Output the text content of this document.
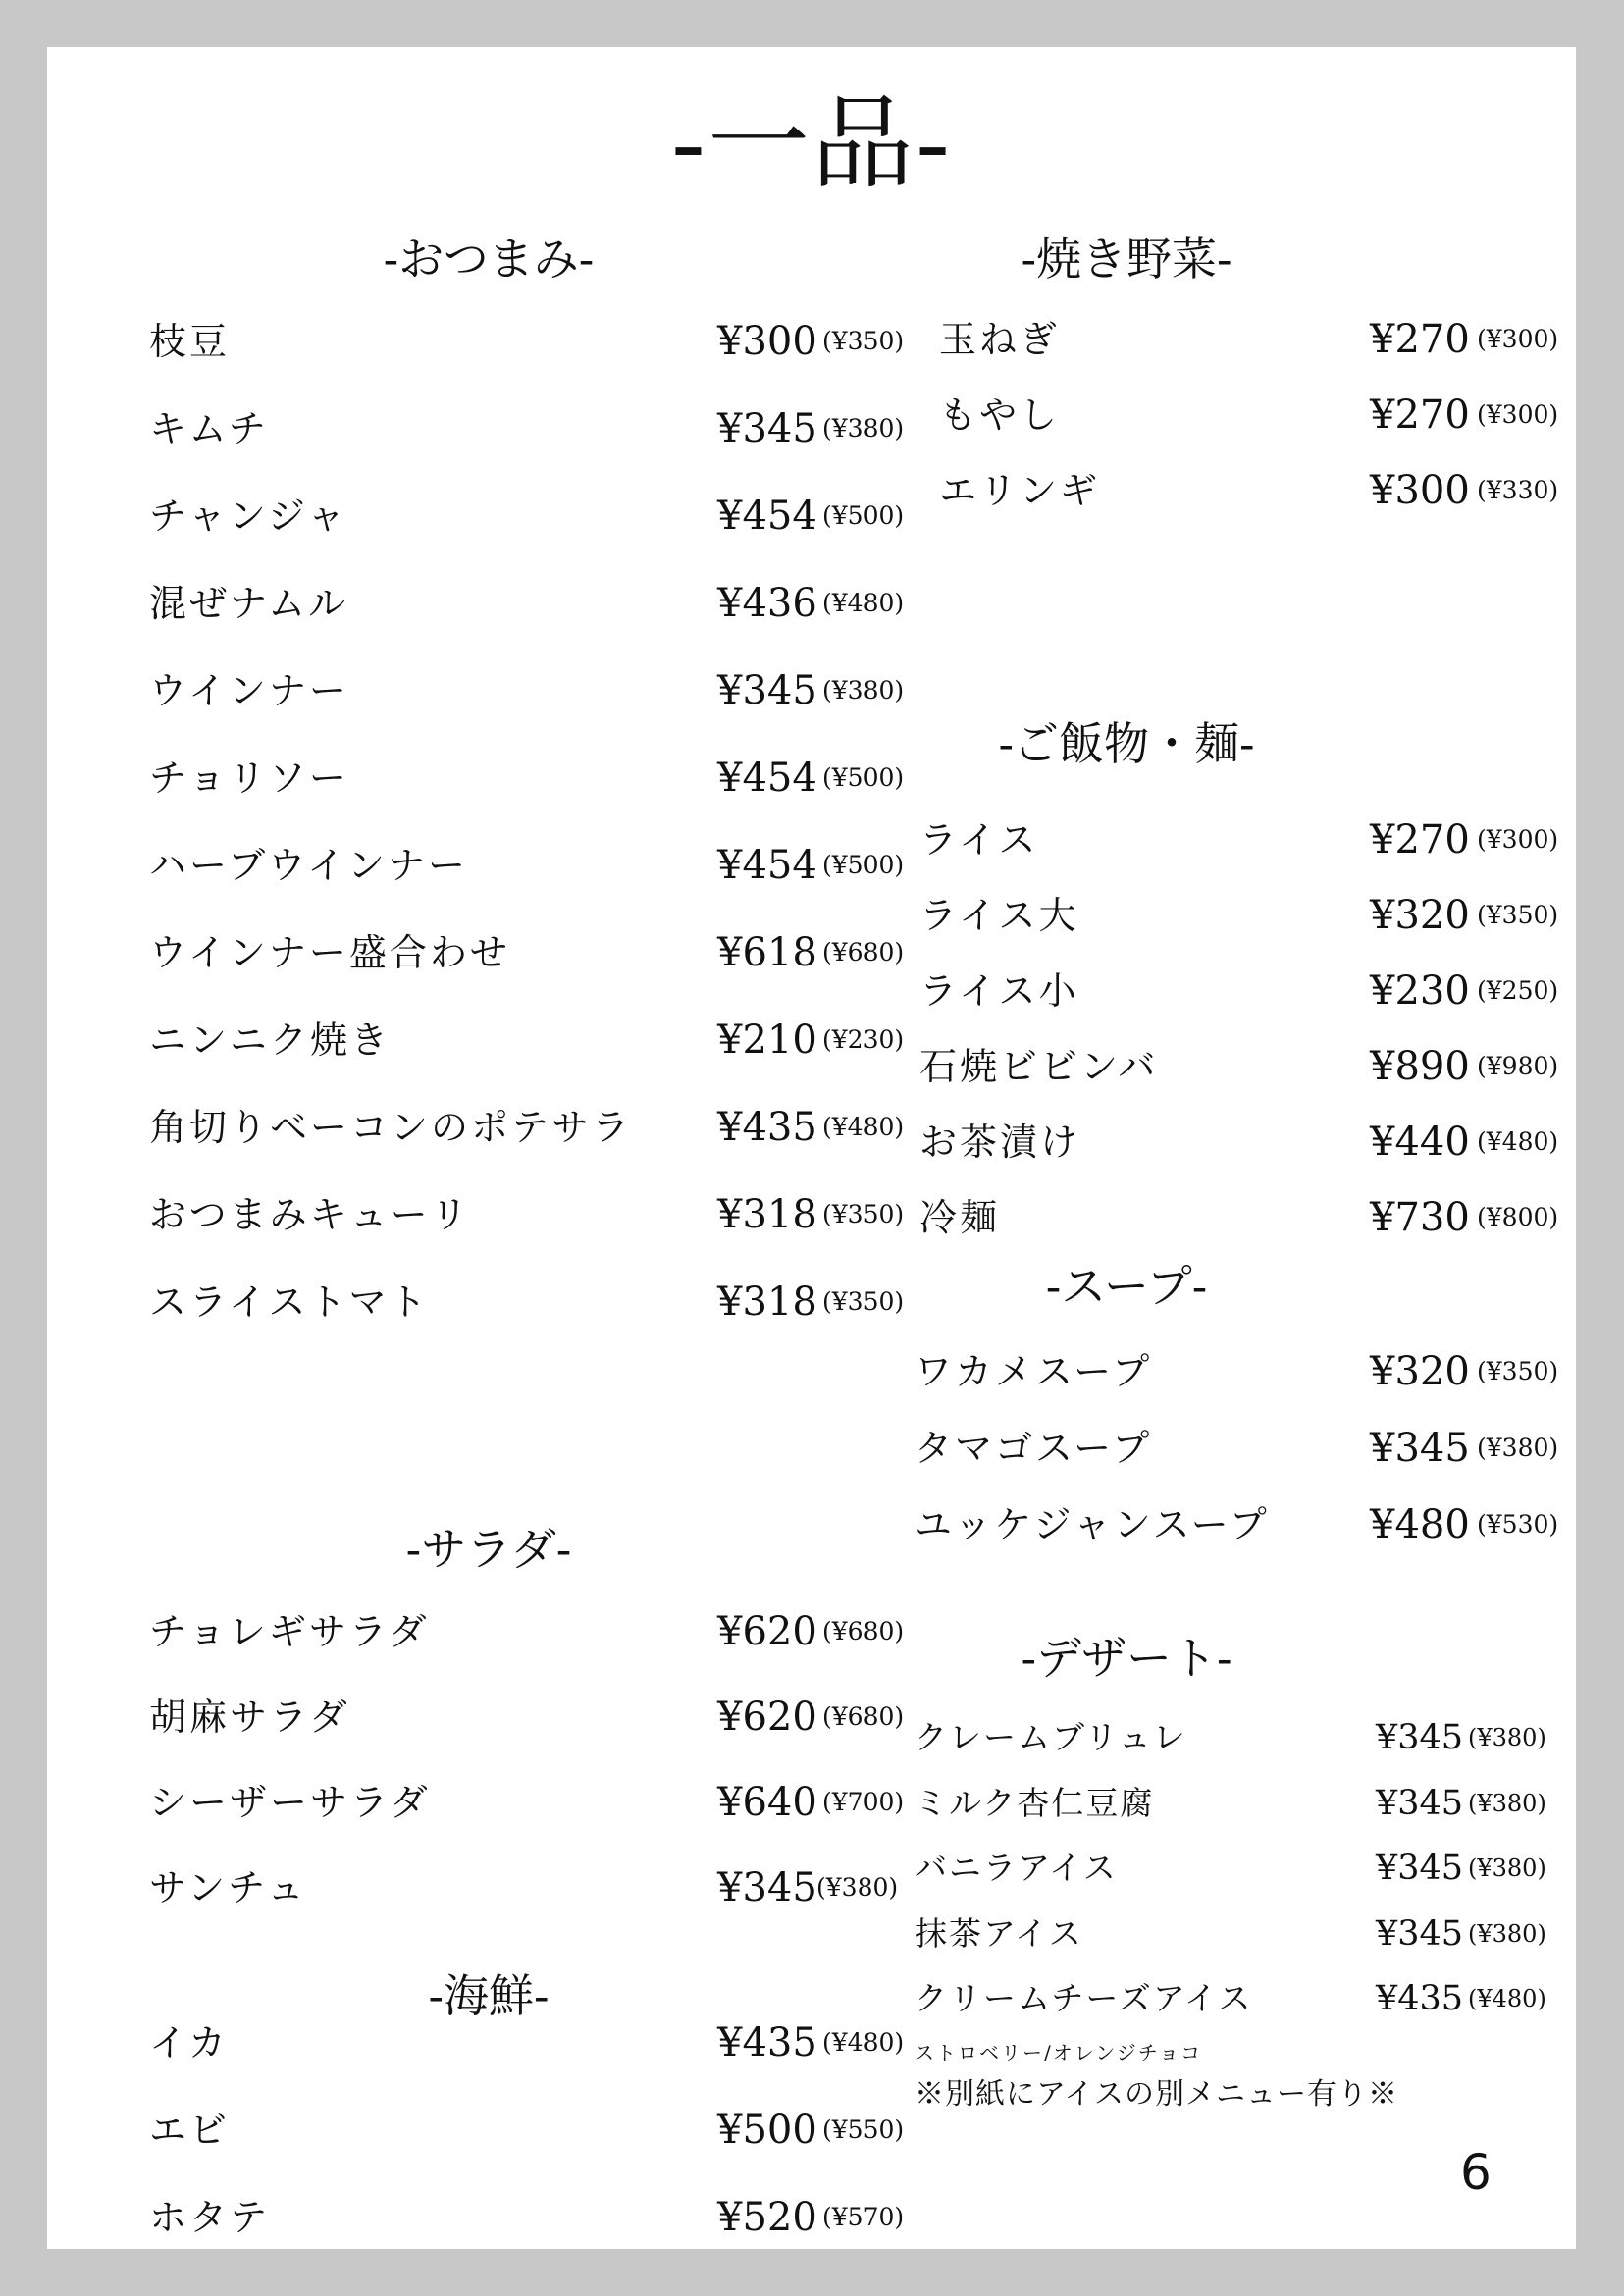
-一品-
-おつまみ-
枝豆	¥300 (¥350)
キムチ	¥345 (¥380)
チャンジャ	¥454 (¥500)
混ぜナムル	¥436 (¥480)
ウインナー	¥345 (¥380)
チョリソー	¥454 (¥500)
ハーブウインナー	¥454 (¥500)
ウインナー盛合わせ	¥618 (¥680)
ニンニク焼き	¥210 (¥230)
角切りベーコンのポテサラ ¥435 (¥480)
おつまみキューリ	¥318 (¥350)
スライストマト	¥318 (¥350)
-サラダ-
チョレギサラダ	¥620 (¥680)
胡麻サラダ	¥620 (¥680)
シーザーサラダ	¥640 (¥700)
サンチュ	¥345 (¥380)
-海鮮-
イカ	¥435 (¥480)
エビ	¥500 (¥550)
ホタテ	¥520 (¥570)
-焼き野菜-
玉ねぎ	¥270 (¥300)
もやし	¥270 (¥300)
エリンギ	¥300 (¥330)
-ご飯物・麺-
ライス	¥270 (¥300)
ライス大	¥320 (¥350)
ライス小	¥230 (¥250)
石焼ビビンバ	¥890 (¥980)
お茶漬け	¥440 (¥480)
冷麺	¥730 (¥800)
-スープ-
ワカメスープ	¥320 (¥350)
タマゴスープ	¥345 (¥380)
ユッケジャンスープ	¥480 (¥530)
-デザート-
クレームブリュレ	¥345 (¥380)
ミルク杏仁豆腐	¥345 (¥380)
バニラアイス	¥345 (¥380)
抹茶アイス	¥345 (¥380)
クリームチーズアイス	¥435 (¥480)
ストロベリー/オレンジチョコ
※別紙にアイスの別メニュー有り※
6
